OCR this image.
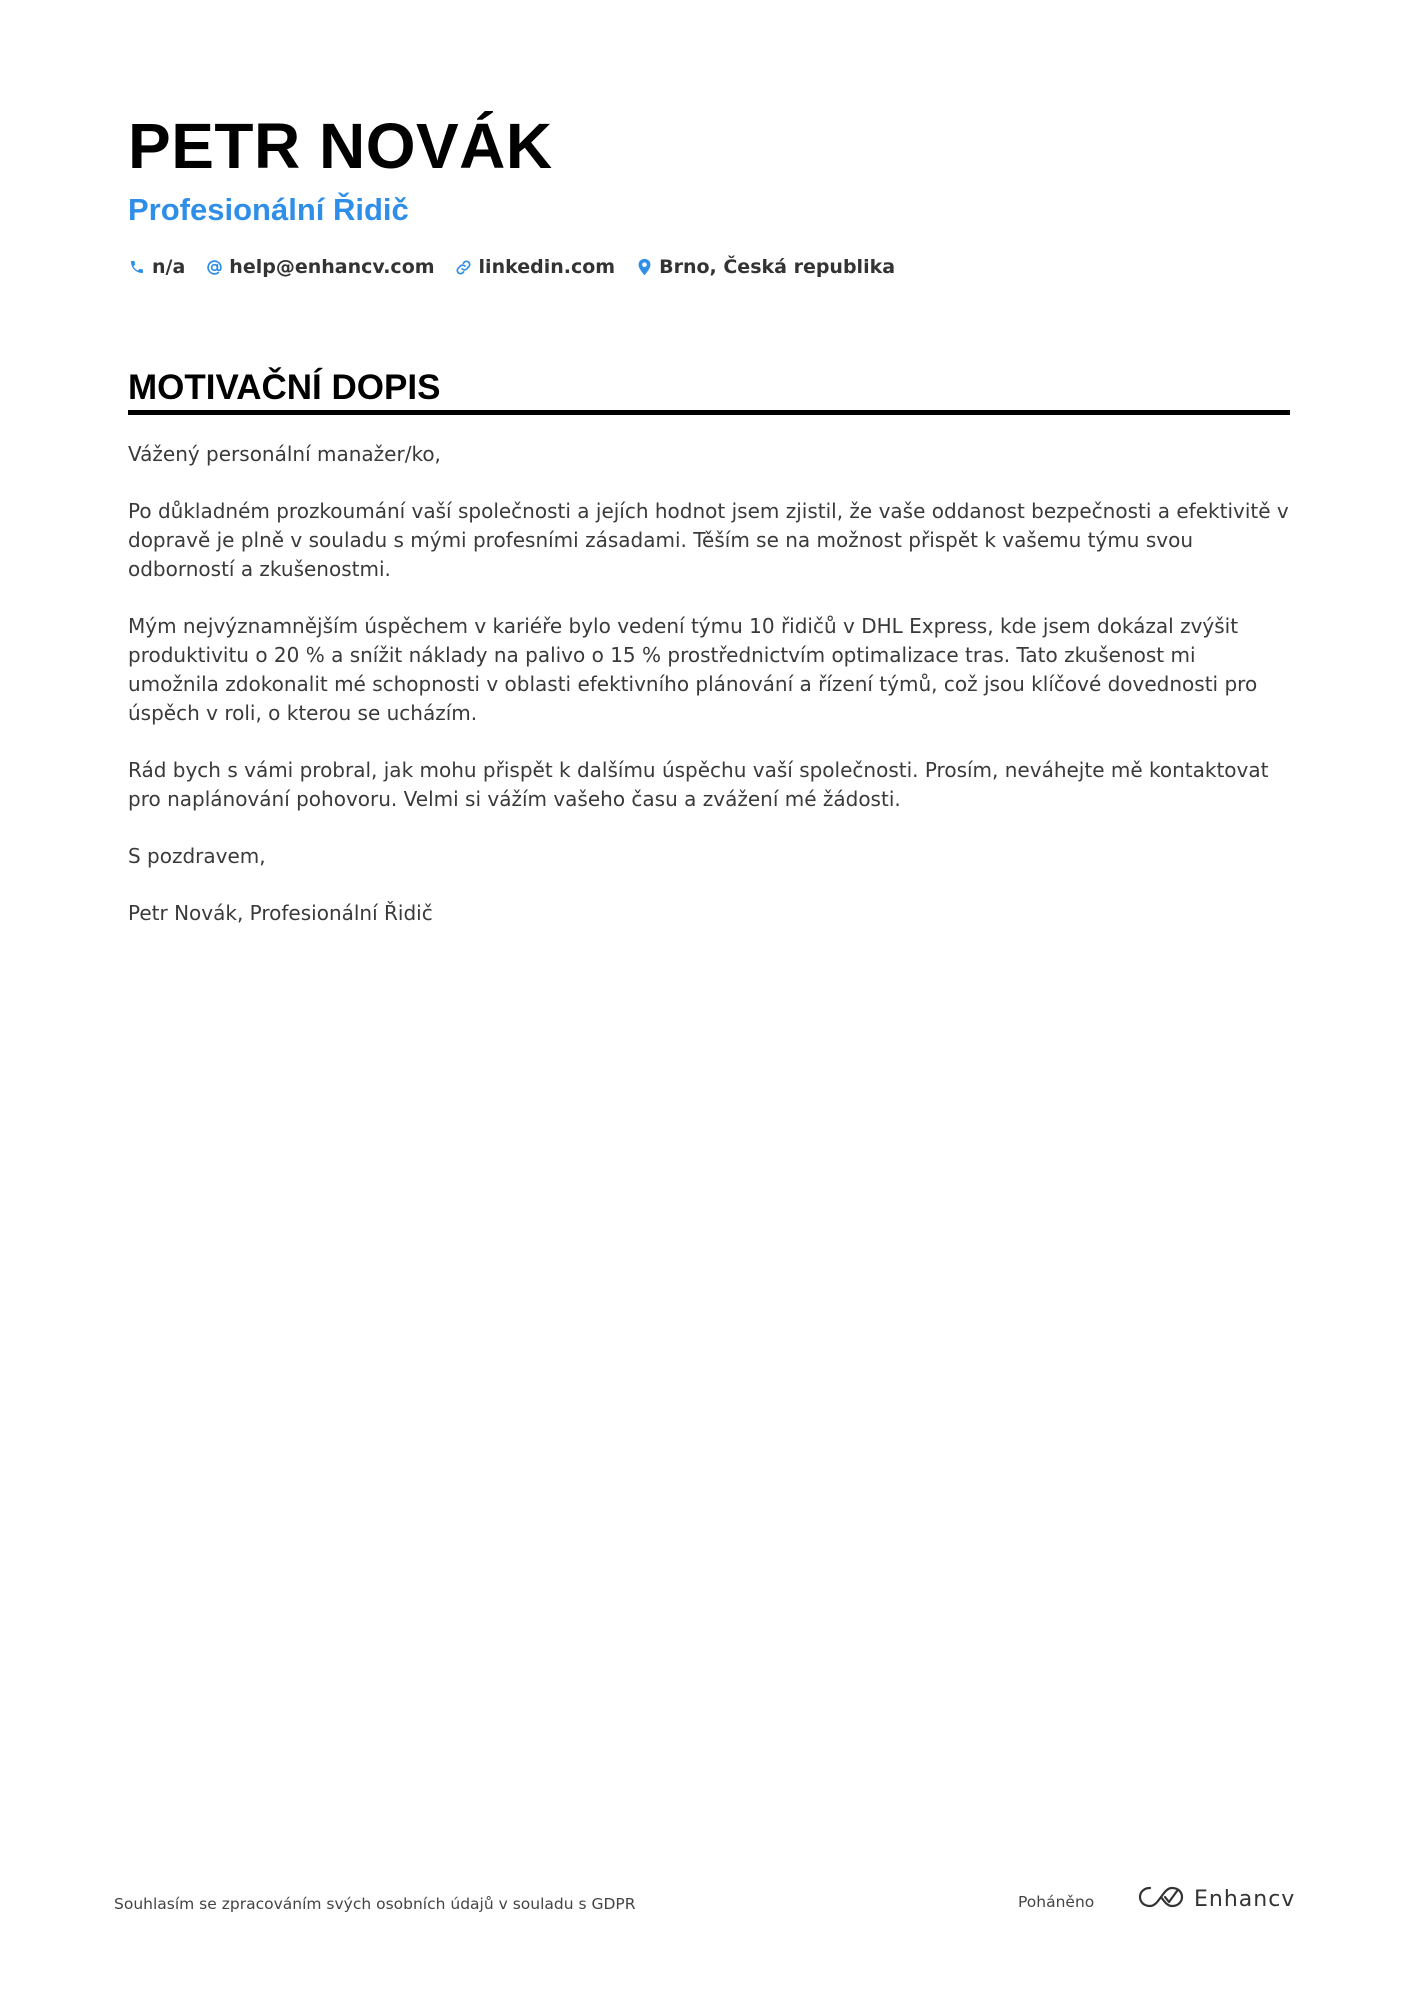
PETR NOVÁK
Profesionální Řidič
n/a help@enhancv.com linkedin.com Brno, Česká republika
MOTIVAČNÍ DOPIS

Vážený personální manažer/ko,

Po důkladném prozkoumání vaší společnosti a jejích hodnot jsem zjistil, že vaše oddanost bezpečnosti a efektivitě v dopravě je plně v souladu s mými profesními zásadami. Těším se na možnost přispět k vašemu týmu svou odborností a zkušenostmi.

Mým nejvýznamnějším úspěchem v kariéře bylo vedení týmu 10 řidičů v DHL Express, kde jsem dokázal zvýšit produktivitu o 20 % a snížit náklady na palivo o 15 % prostřednictvím optimalizace tras. Tato zkušenost mi umožnila zdokonalit mé schopnosti v oblasti efektivního plánování a řízení týmů, což jsou klíčové dovednosti pro úspěch v roli, o kterou se ucházím.

Rád bych s vámi probral, jak mohu přispět k dalšímu úspěchu vaší společnosti. Prosím, neváhejte mě kontaktovat pro naplánování pohovoru. Velmi si vážím vašeho času a zvážení mé žádosti.

S pozdravem,

Petr Novák, Profesionální Řidič

Souhlasím se zpracováním svých osobních údajů v souladu s GDPR	Poháněno	Enhancv
